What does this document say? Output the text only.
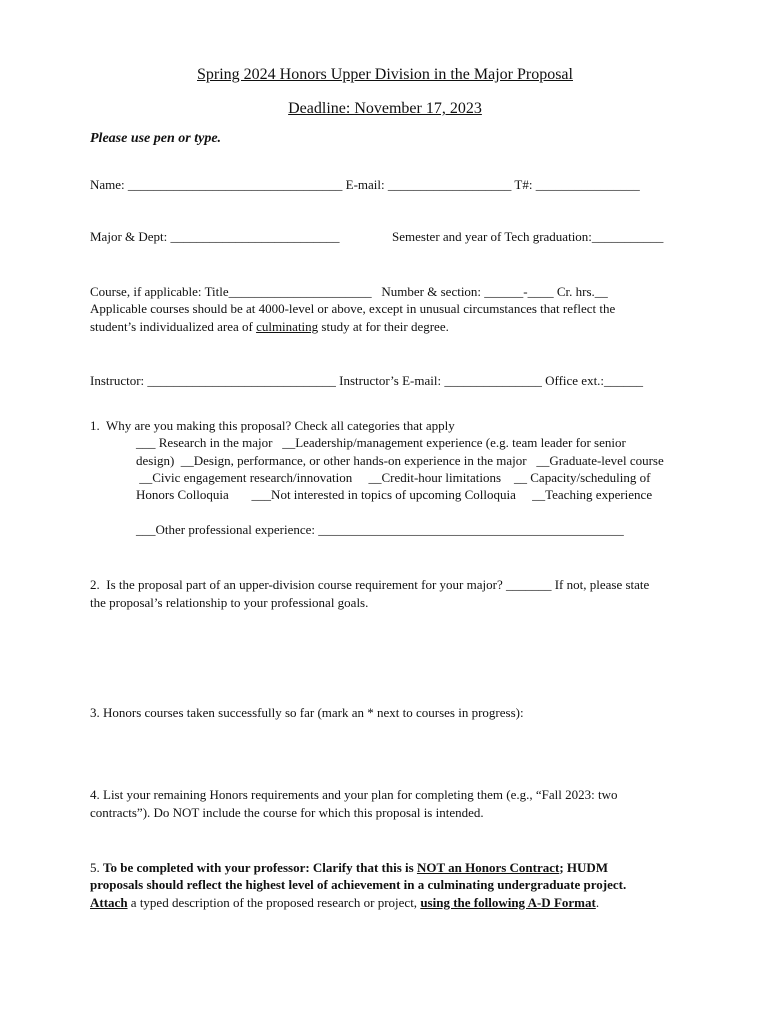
Spring 2024 Honors Upper Division in the Major Proposal
Deadline: November 17, 2023
Please use pen or type.
Name: _________________________________ E-mail: ___________________ T#: ________________
Major & Dept: __________________________	Semester and year of Tech graduation:___________
Course, if applicable: Title______________________   Number & section: ______-____ Cr. hrs.__
Applicable courses should be at 4000-level or above, except in unusual circumstances that reflect the
student’s individualized area of culminating study at for their degree.
Instructor: _____________________________ Instructor’s E-mail: _______________ Office ext.:______
1.  Why are you making this proposal? Check all categories that apply
___ Research in the major   __Leadership/management experience (e.g. team leader for senior
design)  __Design, performance, or other hands-on experience in the major   __Graduate-level course
__Civic engagement research/innovation     __Credit-hour limitations    __ Capacity/scheduling of
Honors Colloquia       ___Not interested in topics of upcoming Colloquia     __Teaching experience
___Other professional experience: _______________________________________________
2.  Is the proposal part of an upper-division course requirement for your major? _______ If not, please state
the proposal’s relationship to your professional goals.
3. Honors courses taken successfully so far (mark an * next to courses in progress):
4. List your remaining Honors requirements and your plan for completing them (e.g., “Fall 2023: two
contracts”). Do NOT include the course for which this proposal is intended.
5. To be completed with your professor: Clarify that this is NOT an Honors Contract; HUDM
proposals should reflect the highest level of achievement in a culminating undergraduate project.
Attach a typed description of the proposed research or project, using the following A-D Format.
